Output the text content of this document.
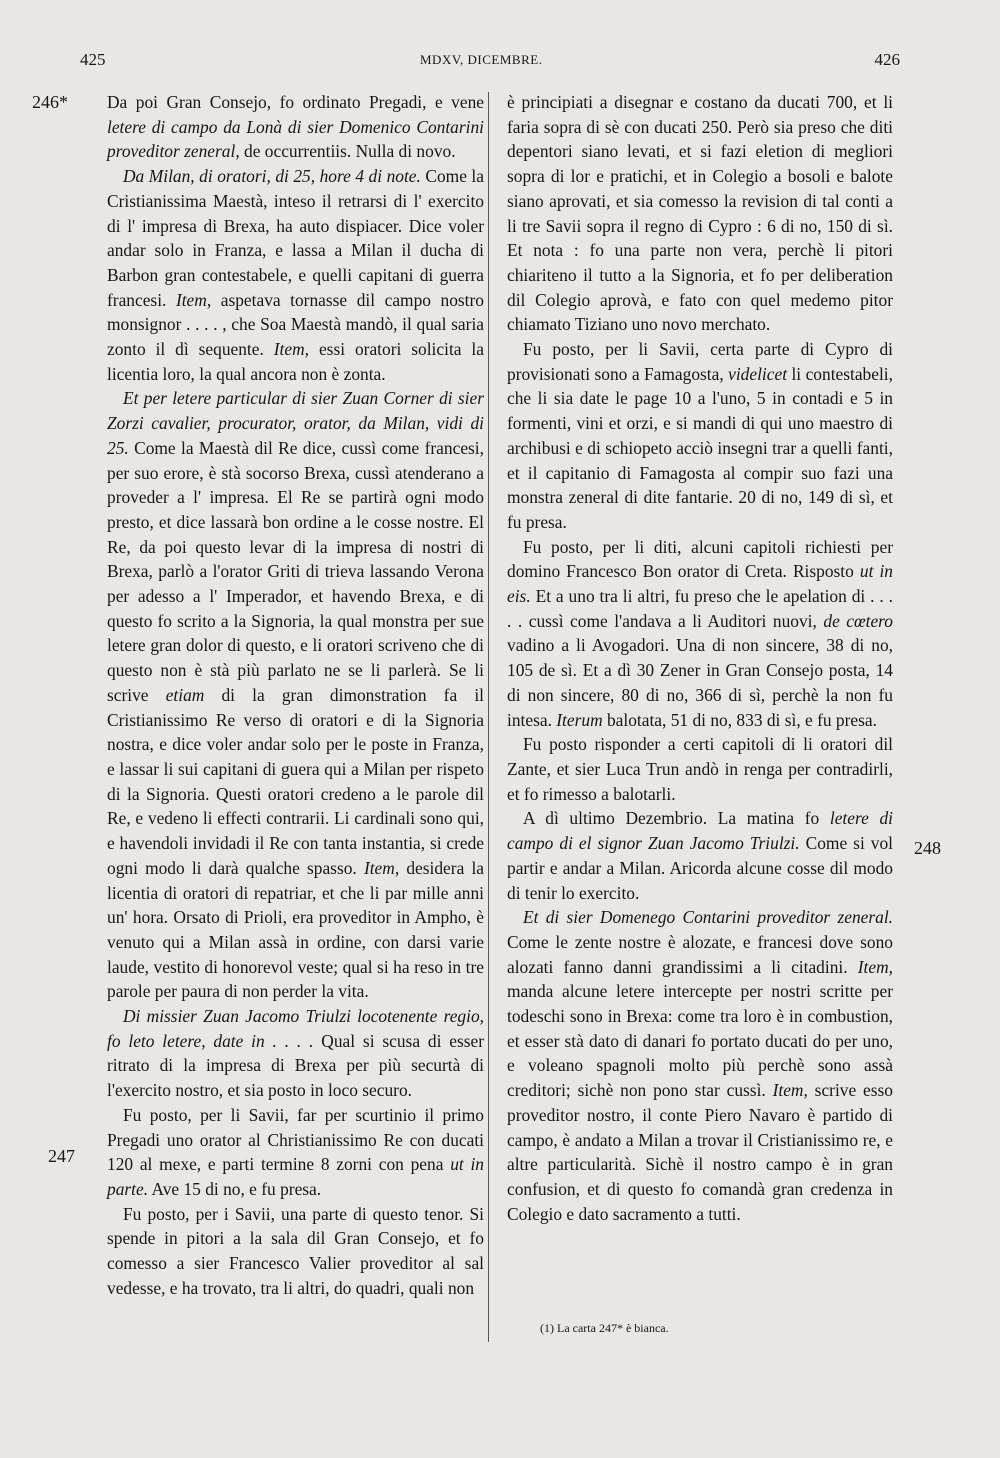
425	MDXV, DICEMBRE.	426
246*
247
248

Da poi Gran Consejo, fo ordinato Pregadi, e vene letere di campo da Lonà di sier Domenico Contarini proveditor zeneral, de occurrentiis. Nulla di novo.

Da Milan, di oratori, di 25, hore 4 di note. Come la Cristianissima Maestà, inteso il retrarsi di l' exercito di l' impresa di Brexa, ha auto dispiacer. Dice voler andar solo in Franza, e lassa a Milan il ducha di Barbon gran contestabele, e quelli capitani di guerra francesi. Item, aspetava tornasse dil campo nostro monsignor . . . . , che Soa Maestà mandò, il qual saria zonto il dì sequente. Item, essi oratori solicita la licentia loro, la qual ancora non è zonta.

Et per letere particular di sier Zuan Corner di sier Zorzi cavalier, procurator, orator, da Milan, vidi di 25. Come la Maestà dil Re dice, cussì come francesi, per suo erore, è stà socorso Brexa, cussì atenderano a proveder a l' impresa. El Re se partirà ogni modo presto, et dice lassarà bon ordine a le cosse nostre. El Re, da poi questo levar di la impresa di nostri di Brexa, parlò a l'orator Griti di trieva lassando Verona per adesso a l' Imperador, et havendo Brexa, e di questo fo scrito a la Signoria, la qual monstra per sue letere gran dolor di questo, e li oratori scriveno che di questo non è stà più parlato ne se li parlerà. Se li scrive etiam di la gran dimonstration fa il Cristianissimo Re verso di oratori e di la Signoria nostra, e dice voler andar solo per le poste in Franza, e lassar li sui capitani di guera qui a Milan per rispeto di la Signoria. Questi oratori credeno a le parole dil Re, e vedeno li effecti contrarii. Li cardinali sono qui, e havendoli invidadi il Re con tanta instantia, si crede ogni modo li darà qualche spasso. Item, desidera la licentia di oratori di repatriar, et che li par mille anni un' hora. Orsato di Prioli, era proveditor in Ampho, è venuto qui a Milan assà in ordine, con darsi varie laude, vestito di honorevol veste; qual si ha reso in tre parole per paura di non perder la vita.

Di missier Zuan Jacomo Triulzi locotenente regio, fo leto letere, date in . . . . Qual si scusa di esser ritrato di la impresa di Brexa per più securtà di l'exercito nostro, et sia posto in loco securo.

Fu posto, per li Savii, far per scurtinio il primo Pregadi uno orator al Christianissimo Re con ducati 120 al mexe, e parti termine 8 zorni con pena ut in parte. Ave 15 di no, e fu presa.

Fu posto, per i Savii, una parte di questo tenor. Si spende in pitori a la sala dil Gran Consejo, et fo comesso a sier Francesco Valier proveditor al sal vedesse, e ha trovato, tra li altri, do quadri, quali non

è principiati a disegnar e costano da ducati 700, et li faria sopra di sè con ducati 250. Però sia preso che diti depentori siano levati, et si fazi eletion di megliori sopra di lor e pratichi, et in Colegio a bosoli e balote siano aprovati, et sia comesso la revision di tal conti a li tre Savii sopra il regno di Cypro : 6 di no, 150 di sì. Et nota : fo una parte non vera, perchè li pitori chiariteno il tutto a la Signoria, et fo per deliberation dil Colegio aprovà, e fato con quel medemo pitor chiamato Tiziano uno novo merchato.

Fu posto, per li Savii, certa parte di Cypro di provisionati sono a Famagosta, videlicet li contestabeli, che li sia date le page 10 a l'uno, 5 in contadi e 5 in formenti, vini et orzi, e si mandi di qui uno maestro di archibusi e di schiopeto acciò insegni trar a quelli fanti, et il capitanio di Famagosta al compir suo fazi una monstra zeneral di dite fantarie. 20 di no, 149 di sì, et fu presa.

Fu posto, per li diti, alcuni capitoli richiesti per domino Francesco Bon orator di Creta. Risposto ut in eis. Et a uno tra li altri, fu preso che le apelation di . . . . . cussì come l'andava a li Auditori nuovi, de cœtero vadino a li Avogadori. Una di non sincere, 38 di no, 105 de sì. Et a dì 30 Zener in Gran Consejo posta, 14 di non sincere, 80 di no, 366 di sì, perchè la non fu intesa. Iterum balotata, 51 di no, 833 di sì, e fu presa.

Fu posto risponder a certi capitoli di li oratori dil Zante, et sier Luca Trun andò in renga per contradirli, et fo rimesso a balotarli.

A dì ultimo Dezembrio. La matina fo letere di campo di el signor Zuan Jacomo Triulzi. Come si vol partir e andar a Milan. Aricorda alcune cosse dil modo di tenir lo exercito.

Et di sier Domenego Contarini proveditor zeneral. Come le zente nostre è alozate, e francesi dove sono alozati fanno danni grandissimi a li citadini. Item, manda alcune letere intercepte per nostri scritte per todeschi sono in Brexa: come tra loro è in combustion, et esser stà dato di danari fo portato ducati do per uno, e voleano spagnoli molto più perchè sono assà creditori; sichè non pono star cussì. Item, scrive esso proveditor nostro, il conte Piero Navaro è partido di campo, è andato a Milan a trovar il Cristianissimo re, e altre particularità. Sichè il nostro campo è in gran confusion, et di questo fo comandà gran credenza in Colegio e dato sacramento a tutti.

(1) La carta 247* è bianca.
